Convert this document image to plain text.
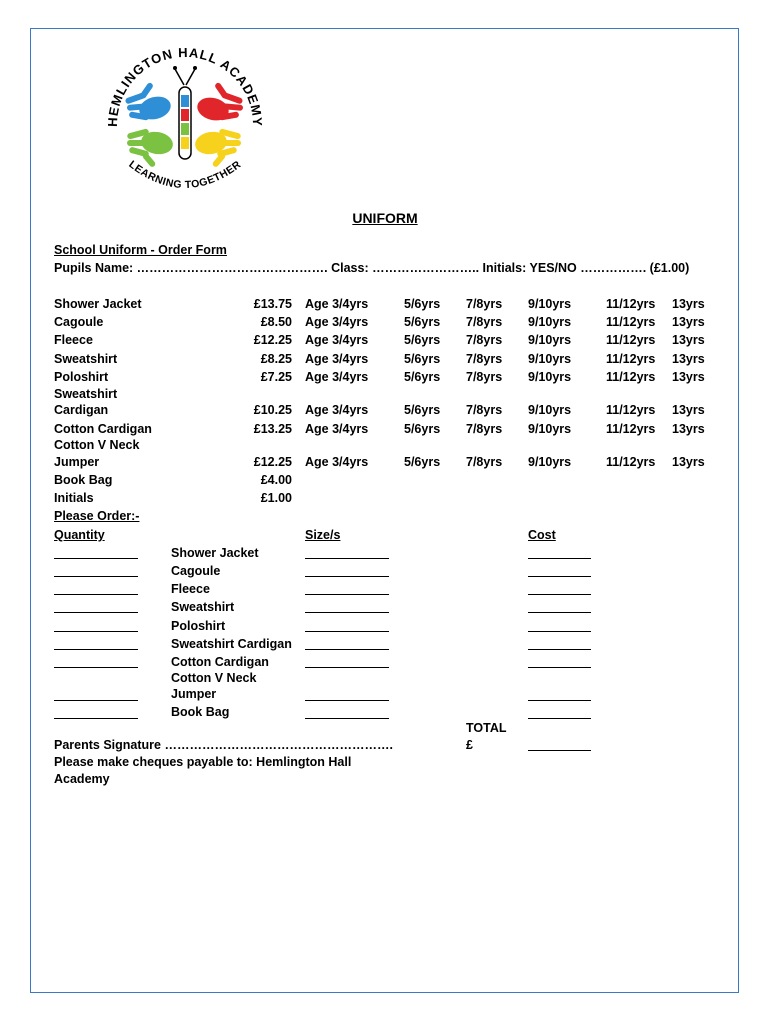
HEMLINGTON HALL ACADEMY
LEARNING TOGETHER
UNIFORM
School Uniform - Order Form
Pupils Name: ………………………………………. Class: …………………….. Initials: YES/NO ……………. (£1.00)
Shower Jacket	£13.75 Age 3/4yrs	5/6yrs 7/8yrs 9/10yrs	11/12yrs 13yrs
Cagoule	£8.50 Age 3/4yrs	5/6yrs 7/8yrs 9/10yrs	11/12yrs 13yrs
Fleece	£12.25 Age 3/4yrs	5/6yrs 7/8yrs 9/10yrs	11/12yrs 13yrs
Sweatshirt	£8.25 Age 3/4yrs	5/6yrs 7/8yrs 9/10yrs	11/12yrs 13yrs
Poloshirt	£7.25 Age 3/4yrs	5/6yrs 7/8yrs 9/10yrs	11/12yrs 13yrs
Sweatshirt
Cardigan	£10.25 Age 3/4yrs	5/6yrs 7/8yrs 9/10yrs	11/12yrs 13yrs
Cotton Cardigan	£13.25 Age 3/4yrs	5/6yrs 7/8yrs 9/10yrs	11/12yrs 13yrs
Cotton V Neck
Jumper	£12.25 Age 3/4yrs	5/6yrs 7/8yrs 9/10yrs	11/12yrs 13yrs
Book Bag	£4.00
Initials	£1.00
Please Order:-
Quantity	Size/s	Cost
Shower Jacket
Cagoule
Fleece
Sweatshirt
Poloshirt
Sweatshirt Cardigan
Cotton Cardigan
Cotton V Neck
Jumper
Book Bag
TOTAL
£
Parents Signature ……………………………………………….
Please make cheques payable to: Hemlington Hall
Academy
